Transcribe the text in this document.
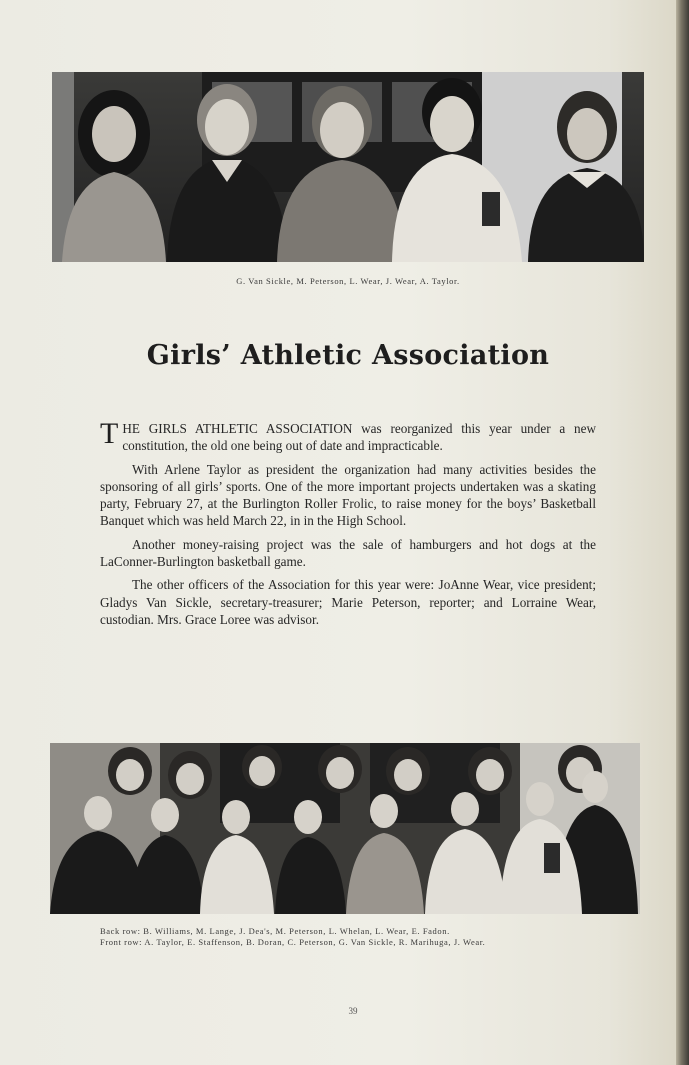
G. Van Sickle, M. Peterson, L. Wear, J. Wear, A. Taylor.
Girls’ Athletic Association

THE GIRLS ATHLETIC ASSOCIATION was reorganized this year under a new constitution, the old one being out of date and impracticable.

With Arlene Taylor as president the organization had many activities besides the sponsoring of all girls’ sports. One of the more important projects undertaken was a skating party, February 27, at the Burlington Roller Frolic, to raise money for the boys’ Basketball Banquet which was held March 22, in in the High School.

Another money-raising project was the sale of hamburgers and hot dogs at the LaConner-Burlington basketball game.

The other officers of the Association for this year were: JoAnne Wear, vice president; Gladys Van Sickle, secretary-treasurer; Marie Peterson, reporter; and Lorraine Wear, custodian. Mrs. Grace Loree was advisor.

Back row: B. Williams, M. Lange, J. Dea's, M. Peterson, L. Whelan, L. Wear, E. Fadon.
Front row: A. Taylor, E. Staffenson, B. Doran, C. Peterson, G. Van Sickle, R. Marihuga, J. Wear.
39
